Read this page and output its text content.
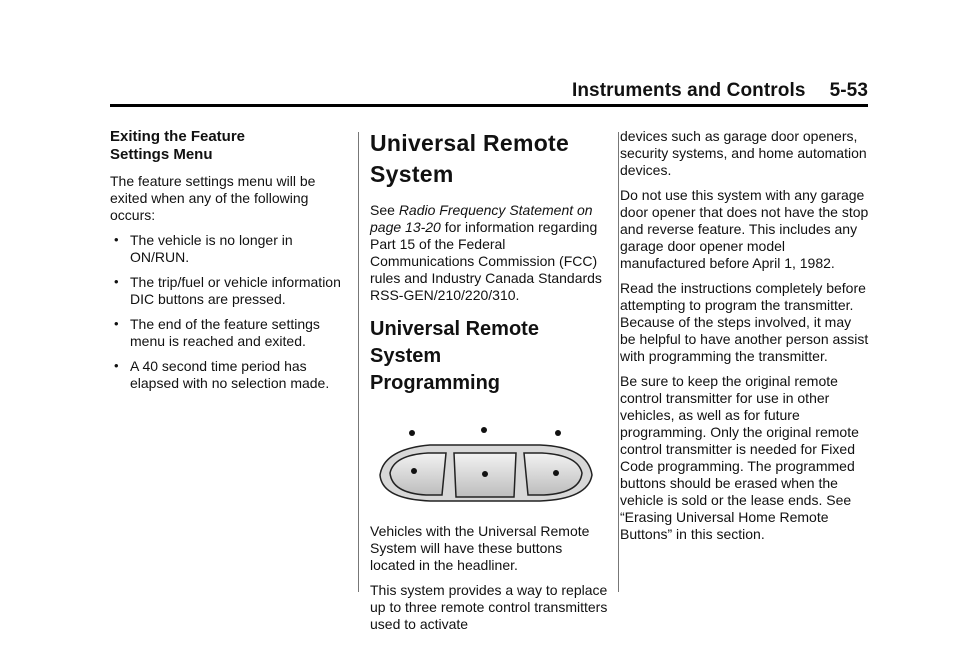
Instruments and Controls 5-53
Exiting the Feature
Settings Menu

The feature settings menu will be exited when any of the following occurs:

• The vehicle is no longer in ON/RUN.
• The trip/fuel or vehicle information DIC buttons are pressed.
• The end of the feature settings menu is reached and exited.
• A 40 second time period has elapsed with no selection made.
Universal Remote
System

See Radio Frequency Statement on page 13-20 for information regarding Part 15 of the Federal Communications Commission (FCC) rules and Industry Canada Standards RSS-GEN/210/220/310.

Universal Remote System
Programming

Vehicles with the Universal Remote System will have these buttons located in the headliner.

This system provides a way to replace up to three remote control transmitters used to activate

devices such as garage door openers, security systems, and home automation devices.

Do not use this system with any garage door opener that does not have the stop and reverse feature. This includes any garage door opener model manufactured before April 1, 1982.

Read the instructions completely before attempting to program the transmitter. Because of the steps involved, it may be helpful to have another person assist with programming the transmitter.

Be sure to keep the original remote control transmitter for use in other vehicles, as well as for future programming. Only the original remote control transmitter is needed for Fixed Code programming. The programmed buttons should be erased when the vehicle is sold or the lease ends. See “Erasing Universal Home Remote Buttons” in this section.
